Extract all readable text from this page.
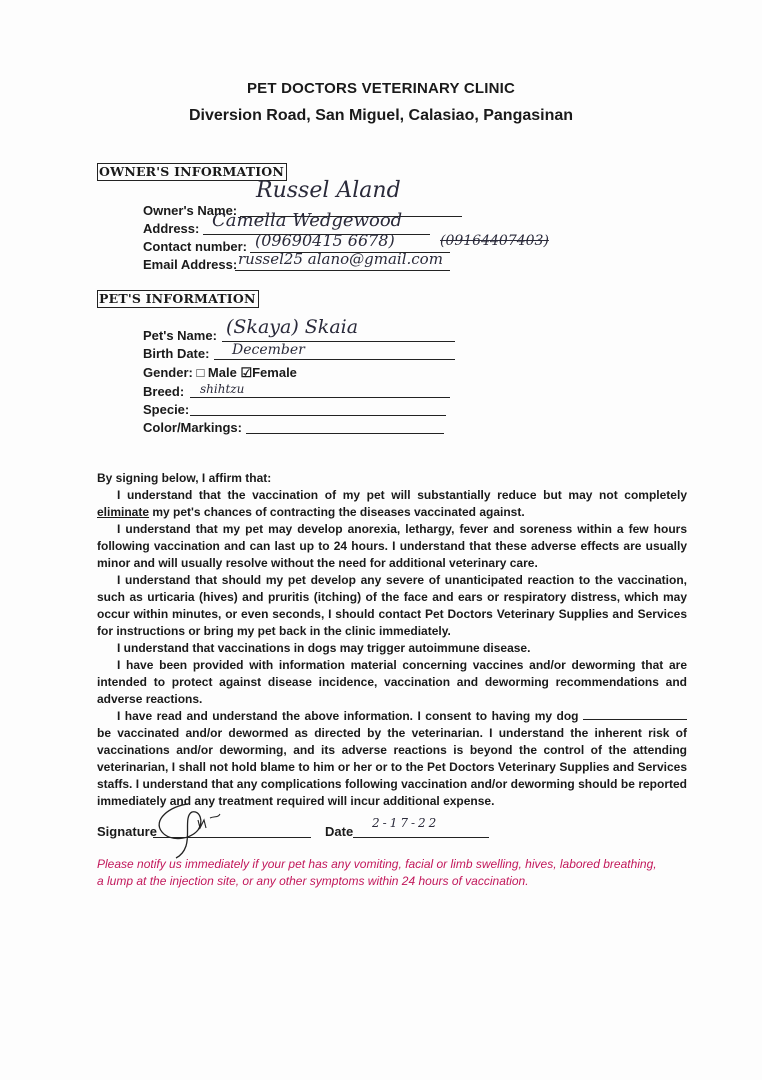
PET DOCTORS VETERINARY CLINIC
Diversion Road, San Miguel, Calasiao, Pangasinan
OWNER'S INFORMATION
Owner's Name:
Russel Aland
Address: Camella Wedgewood
Contact number: (09690415 6678)	(09164407403)
Email Address: russel25 alano@gmail.com
PET'S INFORMATION
Pet's Name: (Skaya) Skaia
Birth Date: December
Gender: □ Male ☑Female
Breed: shihtzu
Specie:
Color/Markings:

By signing below, I affirm that:

I understand that the vaccination of my pet will substantially reduce but may not completely eliminate my pet's chances of contracting the diseases vaccinated against.

I understand that my pet may develop anorexia, lethargy, fever and soreness within a few hours following vaccination and can last up to 24 hours. I understand that these adverse effects are usually minor and will usually resolve without the need for additional veterinary care.

I understand that should my pet develop any severe of unanticipated reaction to the vaccination, such as urticaria (hives) and pruritis (itching) of the face and ears or respiratory distress, which may occur within minutes, or even seconds, I should contact Pet Doctors Veterinary Supplies and Services for instructions or bring my pet back in the clinic immediately.

I understand that vaccinations in dogs may trigger autoimmune disease.

I have been provided with information material concerning vaccines and/or deworming that are intended to protect against disease incidence, vaccination and deworming recommendations and adverse reactions.

I have read and understand the above information. I consent to having my dog  be vaccinated and/or dewormed as directed by the veterinarian. I understand the inherent risk of vaccinations and/or deworming, and its adverse reactions is beyond the control of the attending veterinarian, I shall not hold blame to him or her or to the Pet Doctors Veterinary Supplies and Services staffs. I understand that any complications following vaccination and/or deworming should be reported immediately and any treatment required will incur additional expense.

Signature	Date
2-17-22
Please notify us immediately if your pet has any vomiting, facial or limb swelling, hives, labored breathing, a lump at the injection site, or any other symptoms within 24 hours of vaccination.
